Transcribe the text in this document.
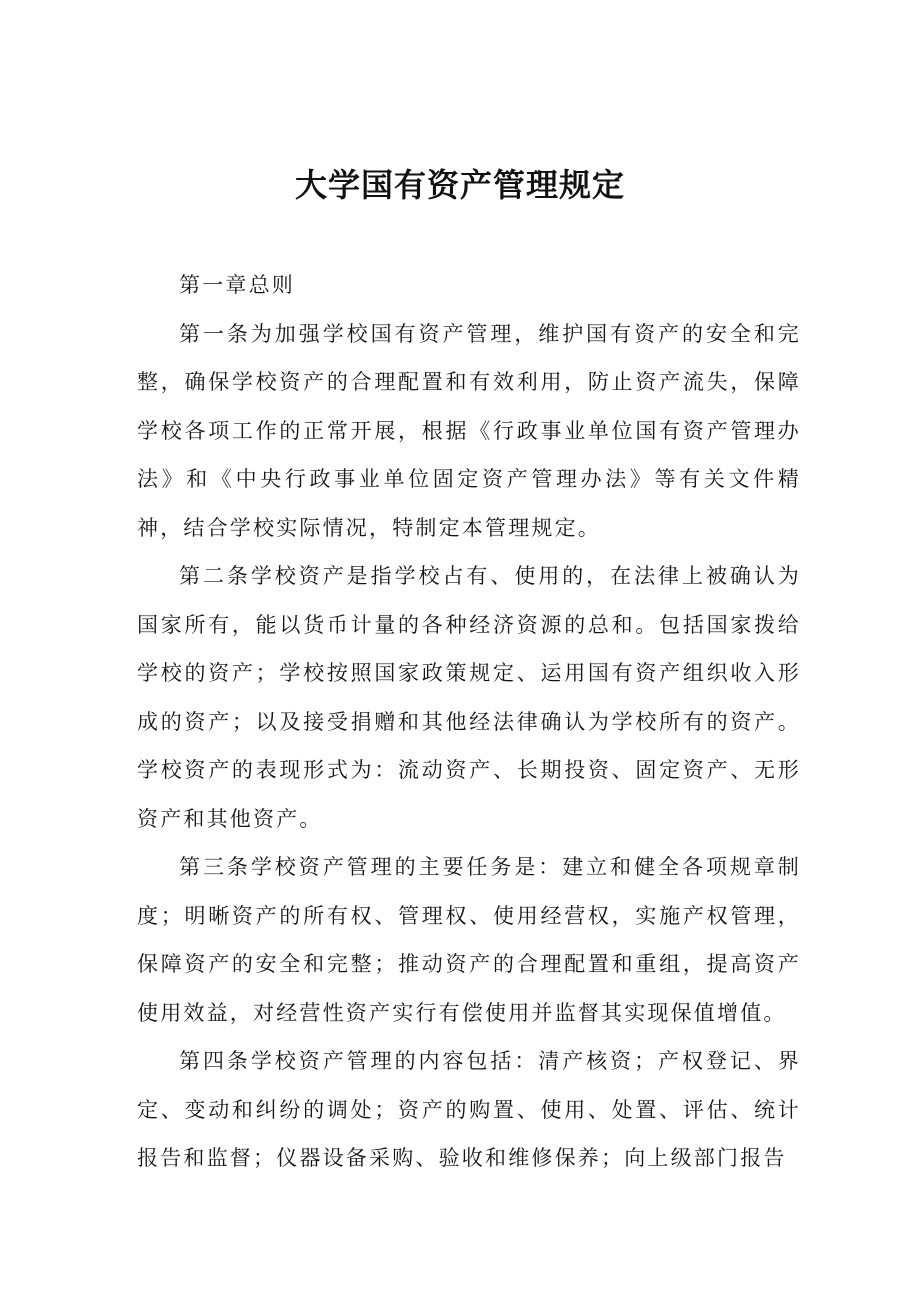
大学国有资产管理规定

第一章总则

第一条为加强学校国有资产管理，维护国有资产的安全和完整，确保学校资产的合理配置和有效利用，防止资产流失，保障学校各项工作的正常开展，根据《行政事业单位国有资产管理办法》和《中央行政事业单位固定资产管理办法》等有关文件精神，结合学校实际情况，特制定本管理规定。

第二条学校资产是指学校占有、使用的，在法律上被确认为国家所有，能以货币计量的各种经济资源的总和。包括国家拨给学校的资产；学校按照国家政策规定、运用国有资产组织收入形成的资产；以及接受捐赠和其他经法律确认为学校所有的资产。学校资产的表现形式为：流动资产、长期投资、固定资产、无形资产和其他资产。

第三条学校资产管理的主要任务是：建立和健全各项规章制度；明晰资产的所有权、管理权、使用经营权，实施产权管理，保障资产的安全和完整；推动资产的合理配置和重组，提高资产使用效益，对经营性资产实行有偿使用并监督其实现保值增值。

第四条学校资产管理的内容包括：清产核资；产权登记、界定、变动和纠纷的调处；资产的购置、使用、处置、评估、统计报告和监督；仪器设备采购、验收和维修保养；向上级部门报告
